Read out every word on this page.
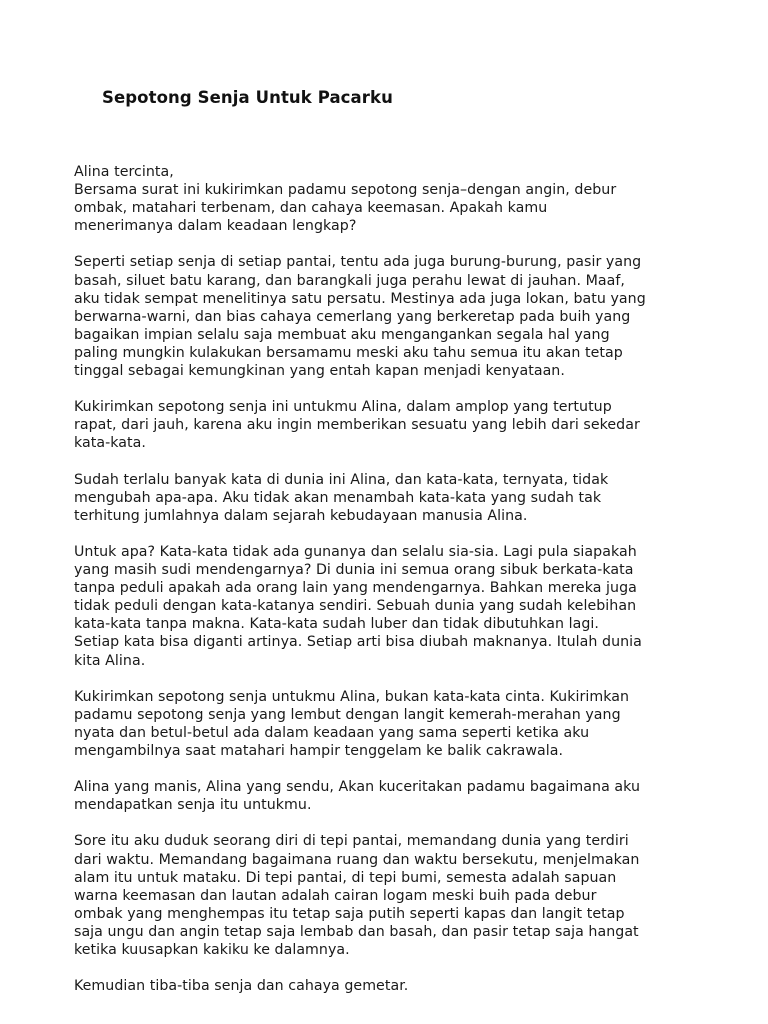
Sepotong Senja Untuk Pacarku

Alina tercinta,
Bersama surat ini kukirimkan padamu sepotong senja–dengan angin, debur
ombak, matahari terbenam, dan cahaya keemasan. Apakah kamu
menerimanya dalam keadaan lengkap?

Seperti setiap senja di setiap pantai, tentu ada juga burung-burung, pasir yang
basah, siluet batu karang, dan barangkali juga perahu lewat di jauhan. Maaf,
aku tidak sempat menelitinya satu persatu. Mestinya ada juga lokan, batu yang
berwarna-warni, dan bias cahaya cemerlang yang berkeretap pada buih yang
bagaikan impian selalu saja membuat aku mengangankan segala hal yang
paling mungkin kulakukan bersamamu meski aku tahu semua itu akan tetap
tinggal sebagai kemungkinan yang entah kapan menjadi kenyataan.

Kukirimkan sepotong senja ini untukmu Alina, dalam amplop yang tertutup
rapat, dari jauh, karena aku ingin memberikan sesuatu yang lebih dari sekedar
kata-kata.

Sudah terlalu banyak kata di dunia ini Alina, dan kata-kata, ternyata, tidak
mengubah apa-apa. Aku tidak akan menambah kata-kata yang sudah tak
terhitung jumlahnya dalam sejarah kebudayaan manusia Alina.

Untuk apa? Kata-kata tidak ada gunanya dan selalu sia-sia. Lagi pula siapakah
yang masih sudi mendengarnya? Di dunia ini semua orang sibuk berkata-kata
tanpa peduli apakah ada orang lain yang mendengarnya. Bahkan mereka juga
tidak peduli dengan kata-katanya sendiri. Sebuah dunia yang sudah kelebihan
kata-kata tanpa makna. Kata-kata sudah luber dan tidak dibutuhkan lagi.
Setiap kata bisa diganti artinya. Setiap arti bisa diubah maknanya. Itulah dunia
kita Alina.

Kukirimkan sepotong senja untukmu Alina, bukan kata-kata cinta. Kukirimkan
padamu sepotong senja yang lembut dengan langit kemerah-merahan yang
nyata dan betul-betul ada dalam keadaan yang sama seperti ketika aku
mengambilnya saat matahari hampir tenggelam ke balik cakrawala.

Alina yang manis, Alina yang sendu, Akan kuceritakan padamu bagaimana aku
mendapatkan senja itu untukmu.

Sore itu aku duduk seorang diri di tepi pantai, memandang dunia yang terdiri
dari waktu. Memandang bagaimana ruang dan waktu bersekutu, menjelmakan
alam itu untuk mataku. Di tepi pantai, di tepi bumi, semesta adalah sapuan
warna keemasan dan lautan adalah cairan logam meski buih pada debur
ombak yang menghempas itu tetap saja putih seperti kapas dan langit tetap
saja ungu dan angin tetap saja lembab dan basah, dan pasir tetap saja hangat
ketika kuusapkan kakiku ke dalamnya.

Kemudian tiba-tiba senja dan cahaya gemetar.
